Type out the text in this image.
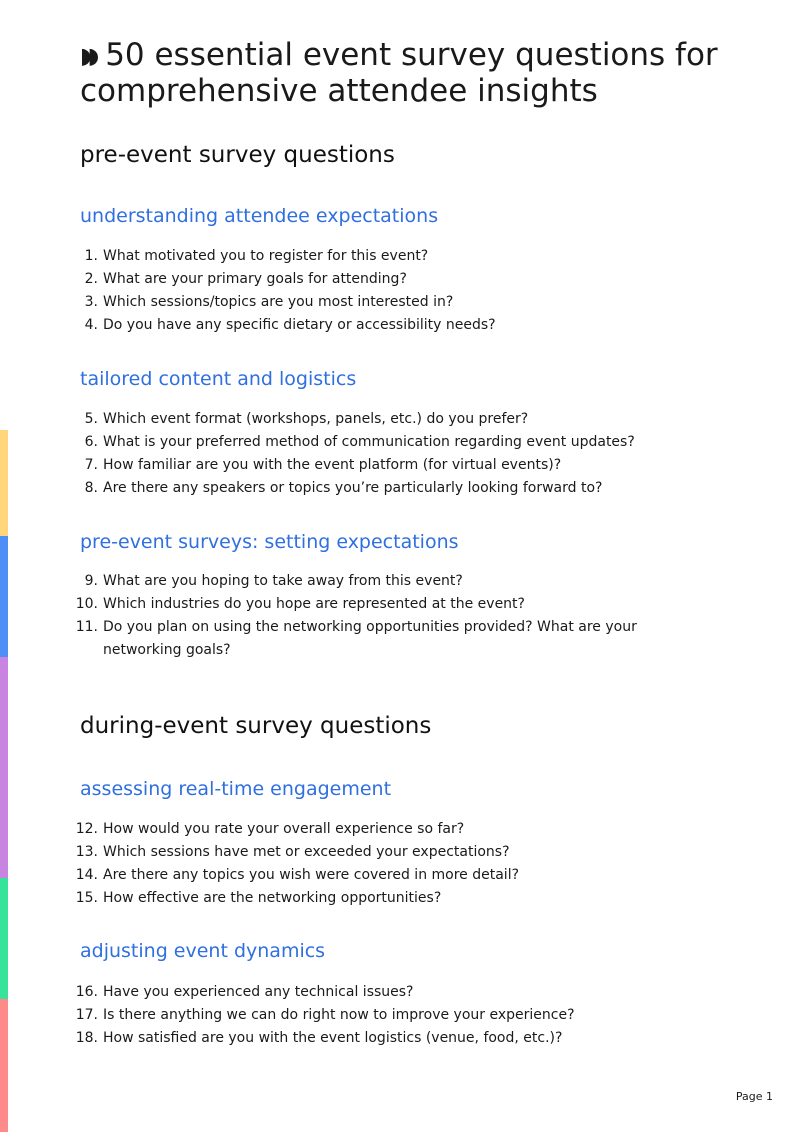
◗◗ 50 essential event survey questions for comprehensive attendee insights
pre-event survey questions
understanding attendee expectations
1. What motivated you to register for this event?
2. What are your primary goals for attending?
3. Which sessions/topics are you most interested in?
4. Do you have any specific dietary or accessibility needs?
tailored content and logistics
5. Which event format (workshops, panels, etc.) do you prefer?
6. What is your preferred method of communication regarding event updates?
7. How familiar are you with the event platform (for virtual events)?
8. Are there any speakers or topics you’re particularly looking forward to?
pre-event surveys: setting expectations
9. What are you hoping to take away from this event?
10. Which industries do you hope are represented at the event?
11. Do you plan on using the networking opportunities provided? What are your networking goals?
during-event survey questions
assessing real-time engagement
12. How would you rate your overall experience so far?
13. Which sessions have met or exceeded your expectations?
14. Are there any topics you wish were covered in more detail?
15. How effective are the networking opportunities?
adjusting event dynamics
16. Have you experienced any technical issues?
17. Is there anything we can do right now to improve your experience?
18. How satisfied are you with the event logistics (venue, food, etc.)?
Page 1
